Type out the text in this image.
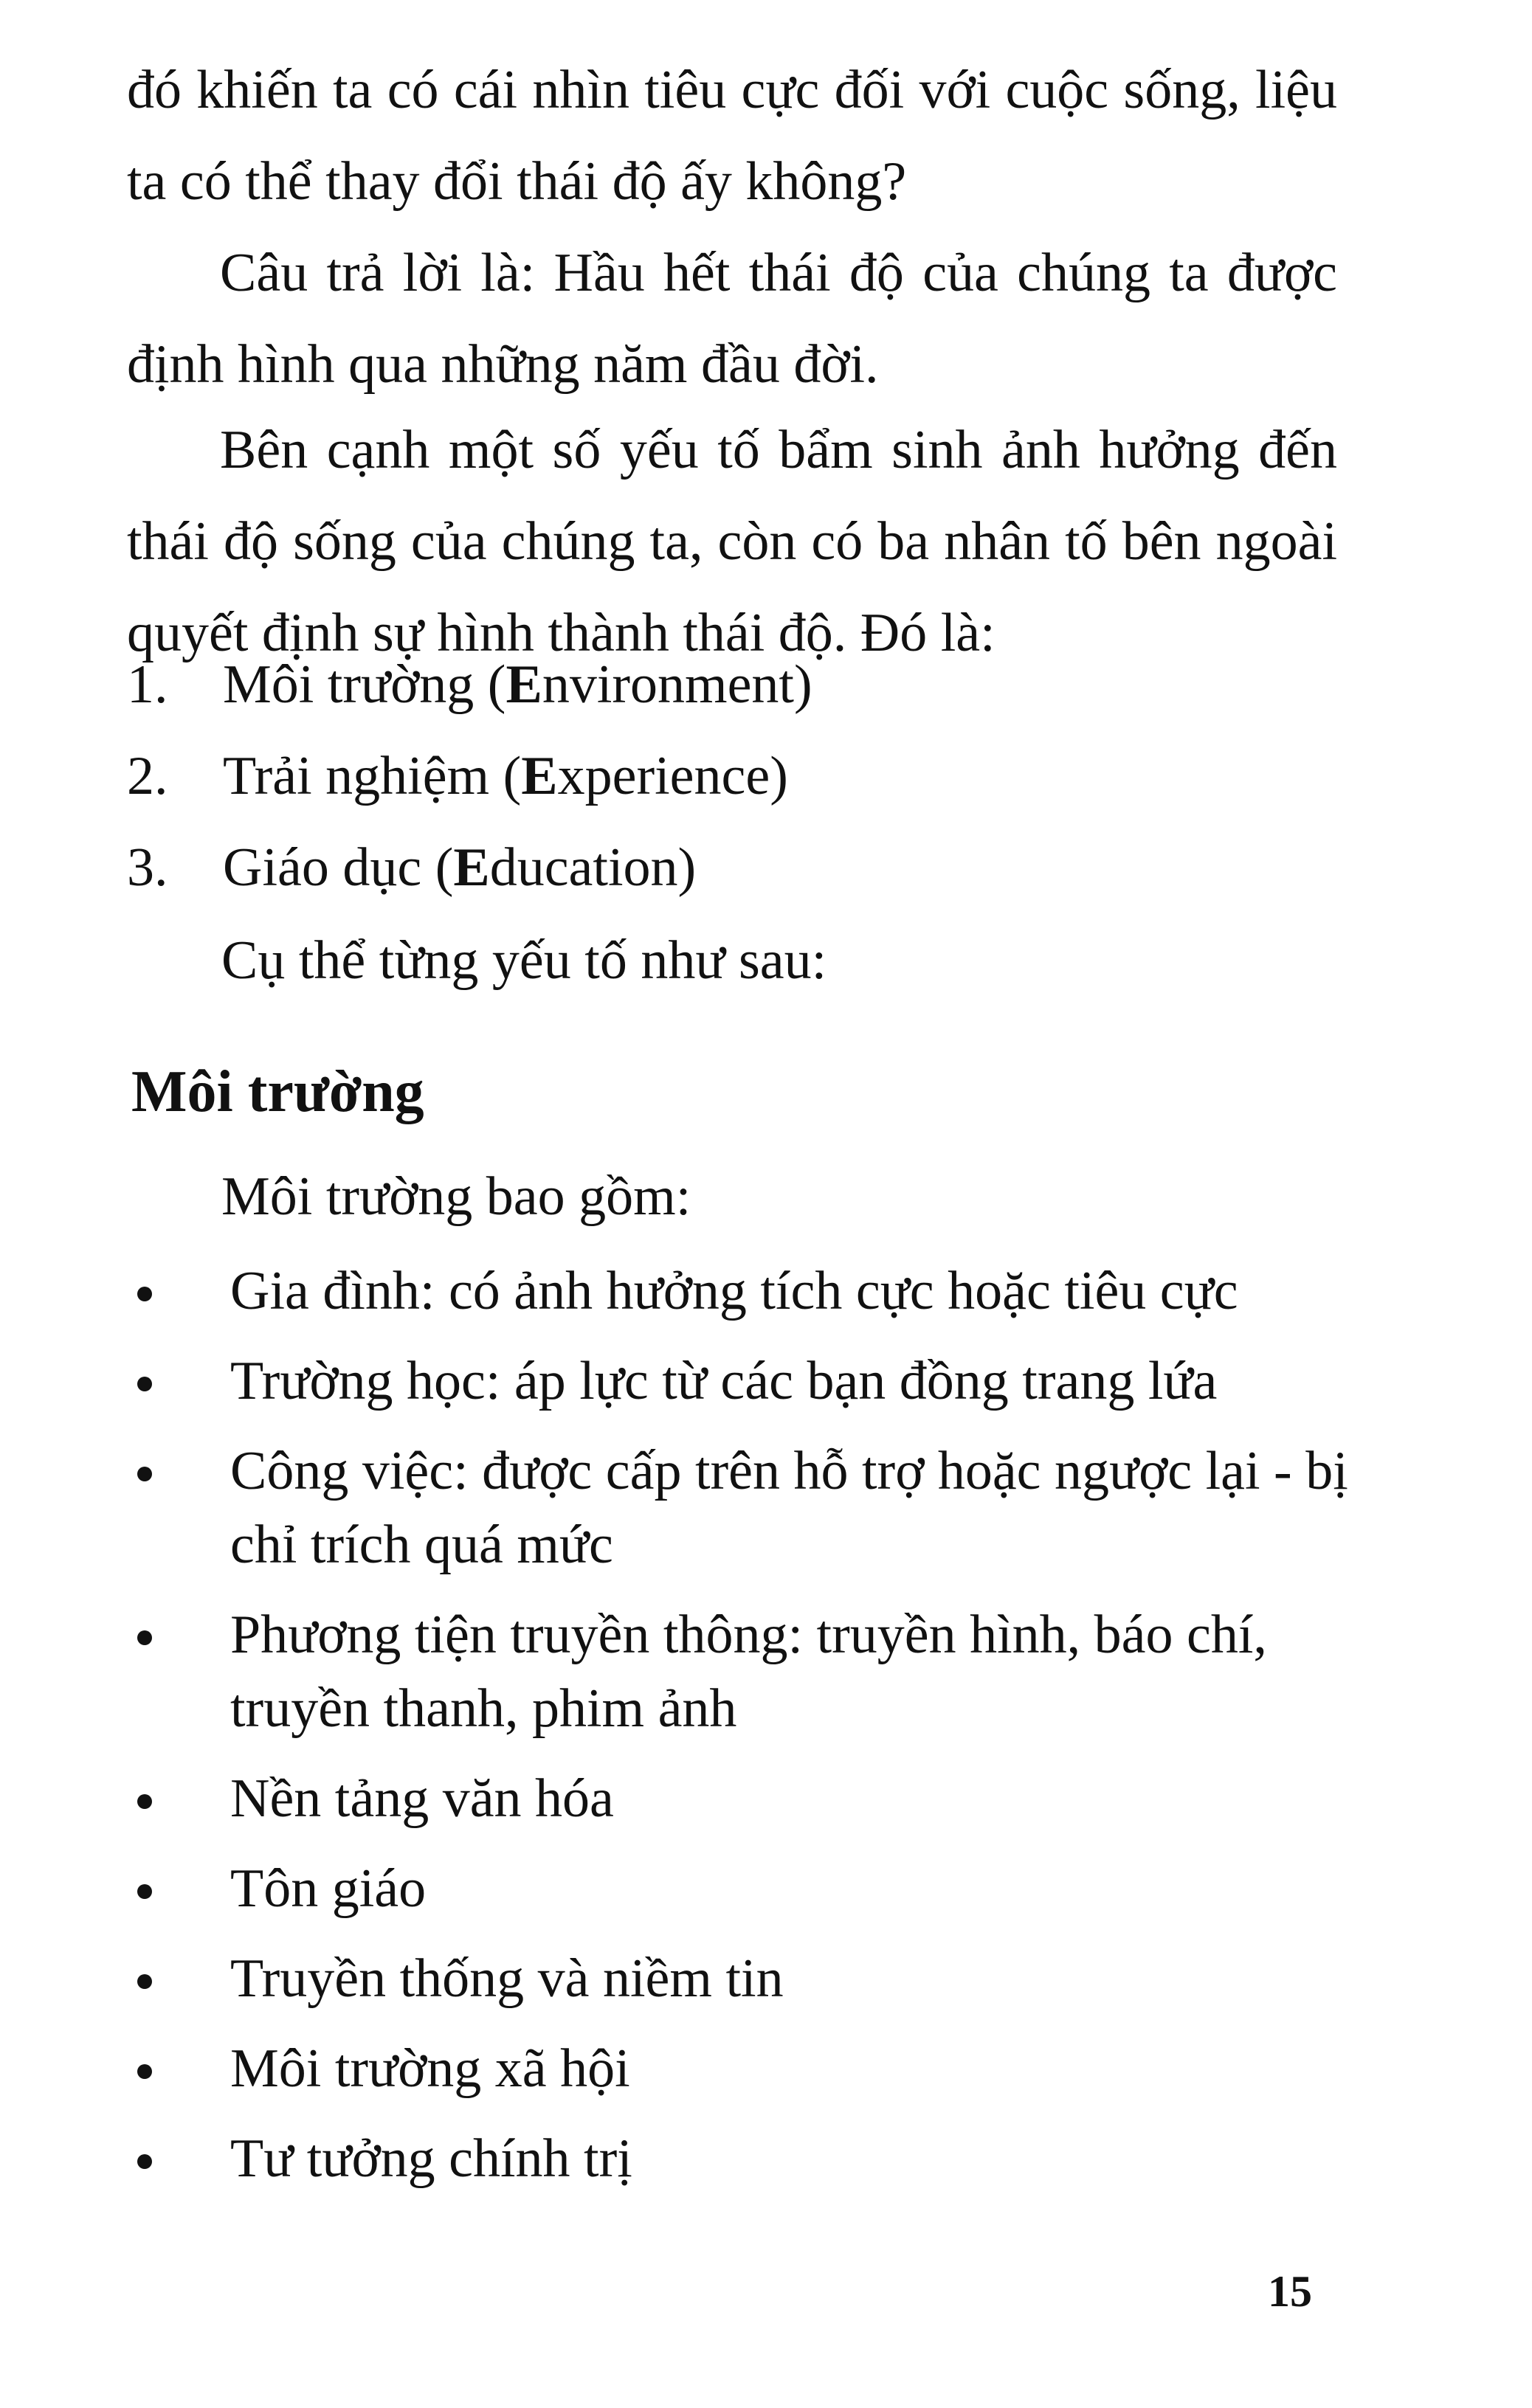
đó khiến ta có cái nhìn tiêu cực đối với cuộc sống, liệu ta có thể thay đổi thái độ ấy không?

Câu trả lời là: Hầu hết thái độ của chúng ta được định hình qua những năm đầu đời.

Bên cạnh một số yếu tố bẩm sinh ảnh hưởng đến thái độ sống của chúng ta, còn có ba nhân tố bên ngoài quyết định sự hình thành thái độ. Đó là:

1. Môi trường (Environment)
2. Trải nghiệm (Experience)
3. Giáo dục (Education)
Cụ thể từng yếu tố như sau:
Môi trường
Môi trường bao gồm:
Gia đình: có ảnh hưởng tích cực hoặc tiêu cực
Trường học: áp lực từ các bạn đồng trang lứa
Công việc: được cấp trên hỗ trợ hoặc ngược lại - bị chỉ trích quá mức
Phương tiện truyền thông: truyền hình, báo chí, truyền thanh, phim ảnh
Nền tảng văn hóa
Tôn giáo
Truyền thống và niềm tin
Môi trường xã hội
Tư tưởng chính trị
15
